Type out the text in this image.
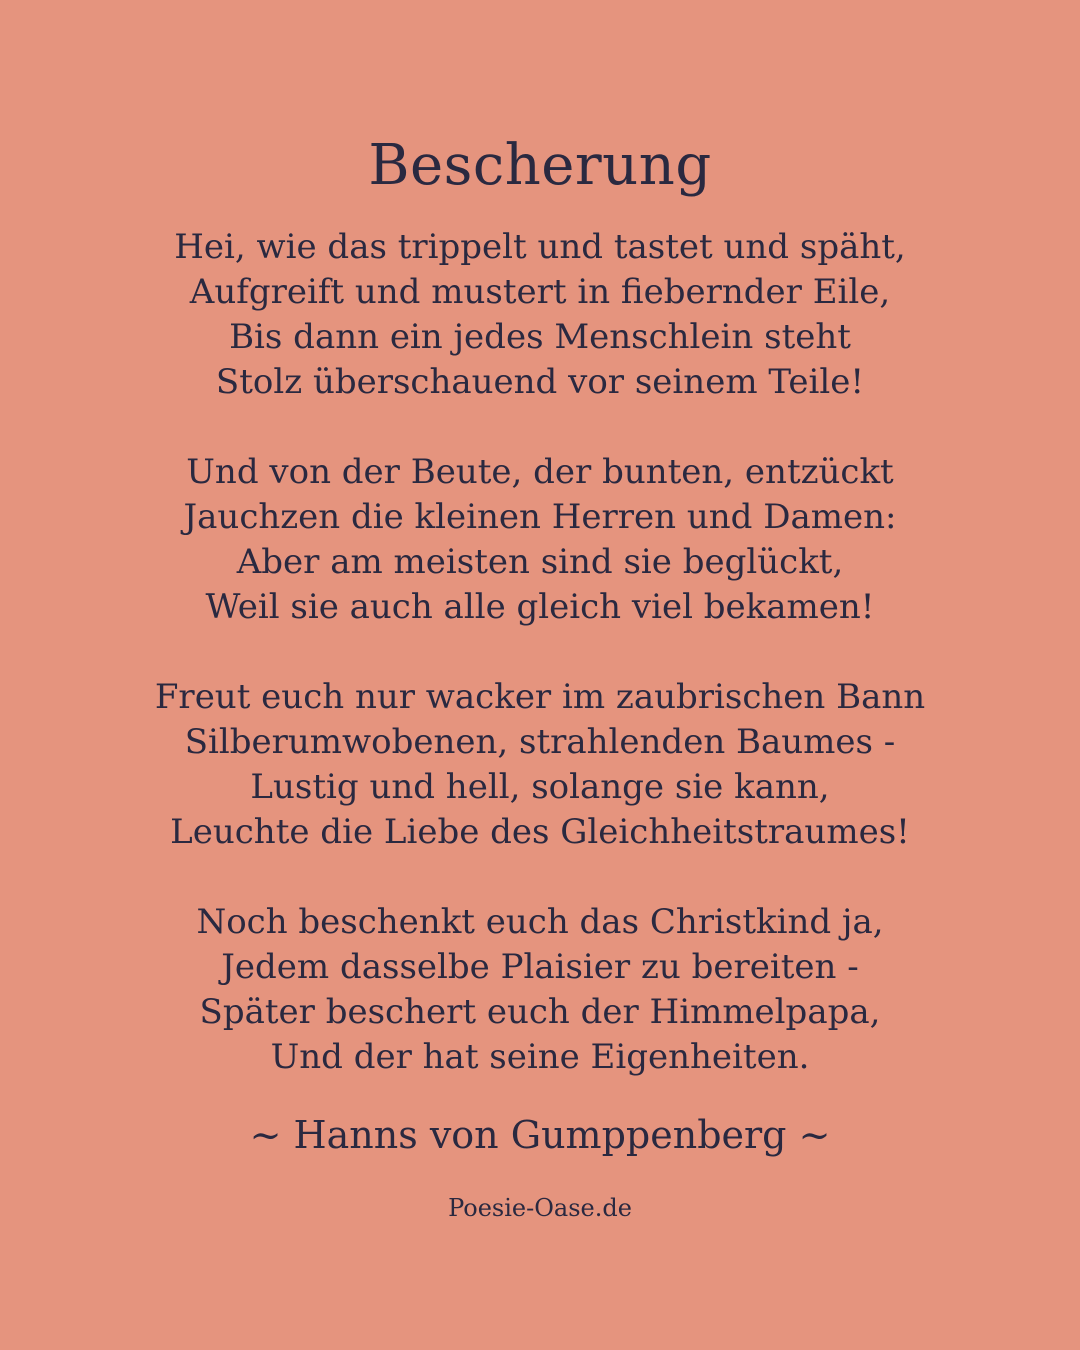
Bescherung
Hei, wie das trippelt und tastet und späht,
Aufgreift und mustert in fiebernder Eile,
Bis dann ein jedes Menschlein steht
Stolz überschauend vor seinem Teile!
Und von der Beute, der bunten, entzückt
Jauchzen die kleinen Herren und Damen:
Aber am meisten sind sie beglückt,
Weil sie auch alle gleich viel bekamen!
Freut euch nur wacker im zaubrischen Bann
Silberumwobenen, strahlenden Baumes -
Lustig und hell, solange sie kann,
Leuchte die Liebe des Gleichheitstraumes!
Noch beschenkt euch das Christkind ja,
Jedem dasselbe Plaisier zu bereiten -
Später beschert euch der Himmelpapa,
Und der hat seine Eigenheiten.
~ Hanns von Gumppenberg ~
Poesie-Oase.de
